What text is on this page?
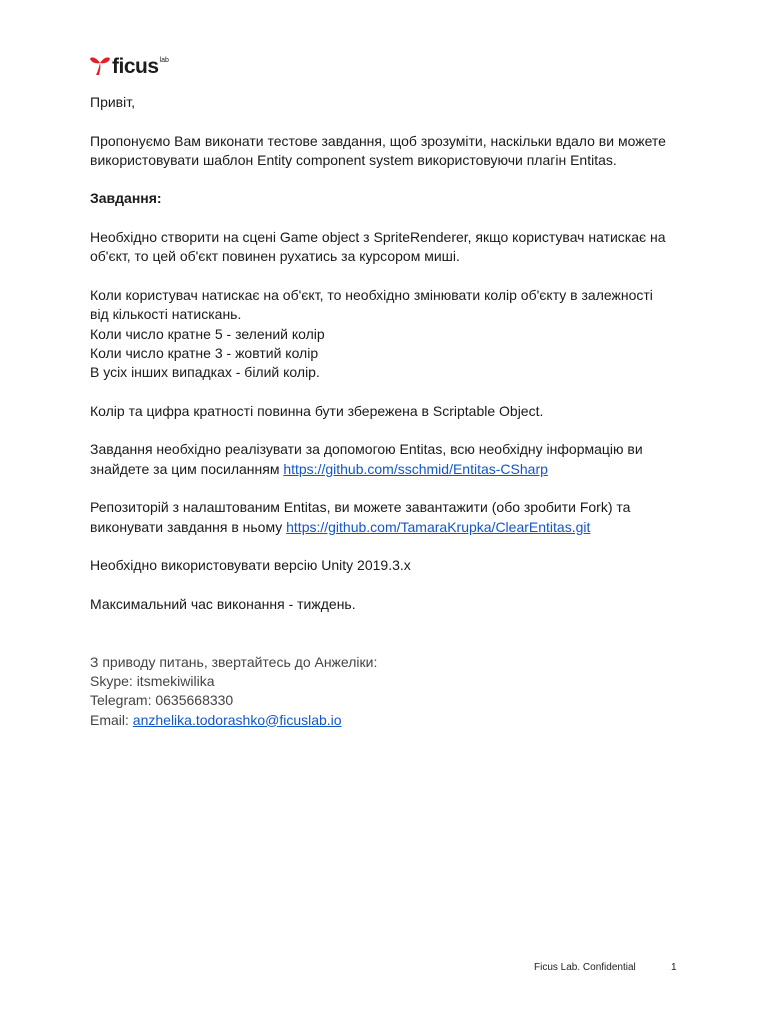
ficus lab

Привіт,

Пропонуємо Вам виконати тестове завдання, щоб зрозуміти, наскільки вдало ви можете

використовувати шаблон Entity component system використовуючи плагін Entitas.

Завдання:

Необхідно створити на сцені Game object з SpriteRenderer, якщо користувач натискає на

об'єкт, то цей об'єкт повинен рухатись за курсором миші.

Коли користувач натискає на об'єкт, то необхідно змінювати колір об'єкту в залежності

від кількості натискань.

Коли число кратне 5 - зелений колір

Коли число кратне 3 - жовтий колір

В усіх інших випадках - білий колір.

Колір та цифра кратності повинна бути збережена в Scriptable Object.

Завдання необхідно реалізувати за допомогою Entitas, всю необхідну інформацію ви

знайдете за цим посиланням https://github.com/sschmid/Entitas-CSharp

Репозиторій з налаштованим Entitas, ви можете завантажити (обо зробити Fork) та

виконувати завдання в ньому https://github.com/TamaraKrupka/ClearEntitas.git

Необхідно використовувати версію Unity 2019.3.x

Максимальний час виконання - тиждень.

З приводу питань, звертайтесь до Анжеліки:

Skype: itsmekiwilika

Telegram: 0635668330

Email: anzhelika.todorashko@ficuslab.io

Ficus Lab. Confidential	1
